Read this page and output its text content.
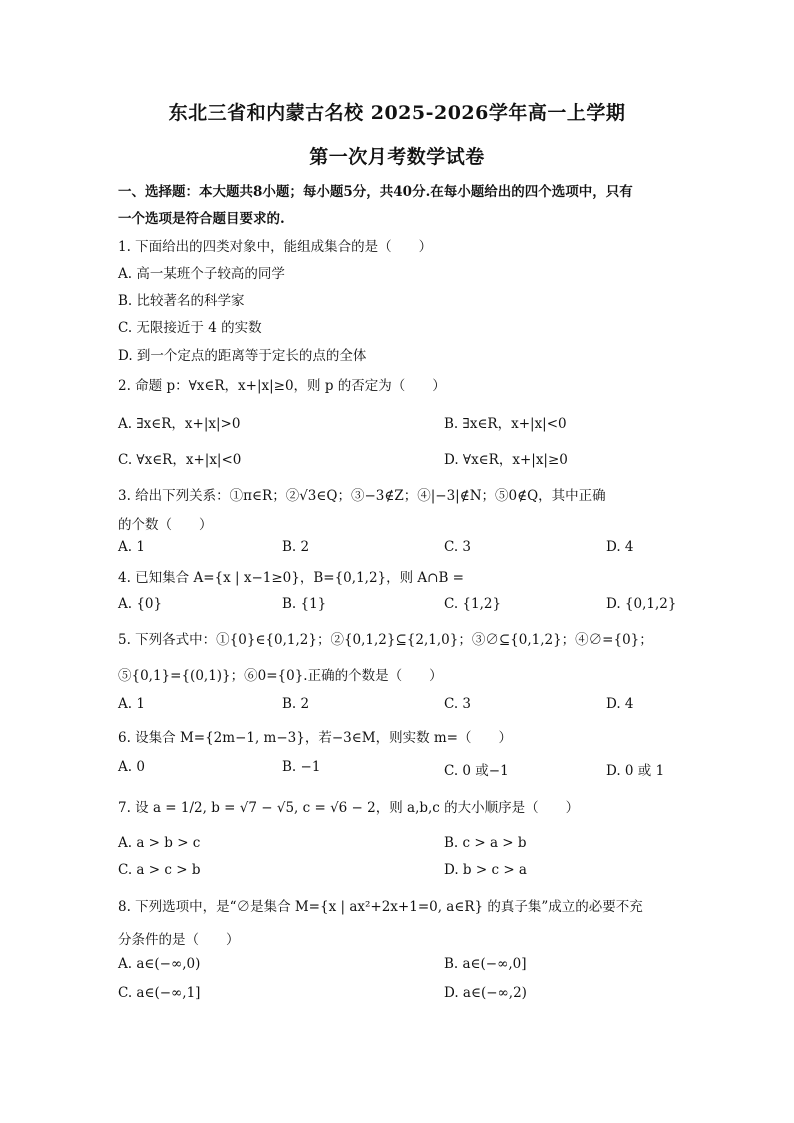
东北三省和内蒙古名校 2025-2026学年高一上学期
第一次月考数学试卷
一、选择题：本大题共8小题；每小题5分，共40分.在每小题给出的四个选项中，只有
一个选项是符合题目要求的.
1. 下面给出的四类对象中，能组成集合的是（　　）
A. 高一某班个子较高的同学
B. 比较著名的科学家
C. 无限接近于 4 的实数
D. 到一个定点的距离等于定长的点的全体
2. 命题 p：∀x∈R，x+|x|≥0，则 p 的否定为（　　）
A. ∃x∈R，x+|x|>0	B. ∃x∈R，x+|x|<0
C. ∀x∈R，x+|x|<0	D. ∀x∈R，x+|x|≥0
3. 给出下列关系：①π∈R；②√3∈Q；③−3∉Z；④|−3|∉N；⑤0∉Q，其中正确
的个数（　　）
A. 1	B. 2	C. 3	D. 4
4. 已知集合 A={x | x−1≥0}，B={0,1,2}，则 A∩B =
A. {0}	B. {1}	C. {1,2}	D. {0,1,2}
5. 下列各式中：①{0}∈{0,1,2}；②{0,1,2}⊆{2,1,0}；③∅⊆{0,1,2}；④∅={0}；
⑤{0,1}={(0,1)}；⑥0={0}.正确的个数是（　　）
A. 1	B. 2	C. 3	D. 4
6. 设集合 M={2m−1, m−3}，若−3∈M，则实数 m=（　　）
A. 0	B. −1	C. 0 或−1	D. 0 或 1
7. 设 a = 1/2, b = √7 − √5, c = √6 − 2，则 a,b,c 的大小顺序是（　　）
A. a > b > c	B. c > a > b
C. a > c > b	D. b > c > a
8. 下列选项中，是“∅是集合 M={x | ax²+2x+1=0, a∈R} 的真子集”成立的必要不充
分条件的是（　　）
A. a∈(−∞,0)	B. a∈(−∞,0]
C. a∈(−∞,1]	D. a∈(−∞,2)
